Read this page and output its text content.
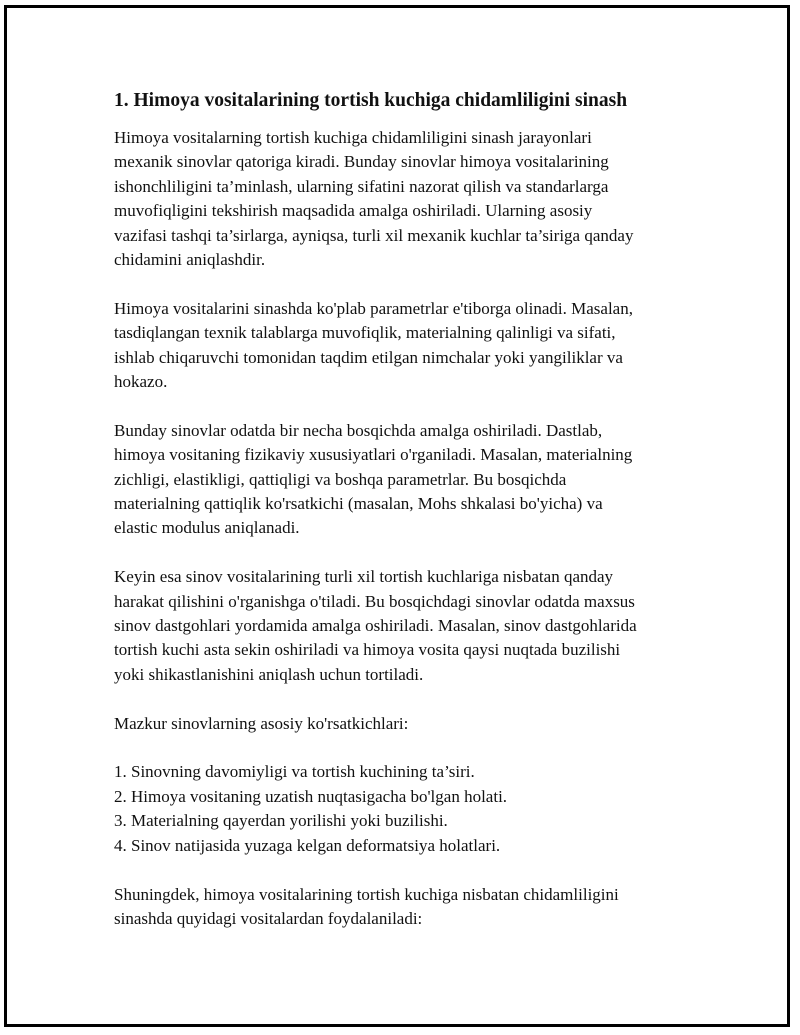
1. Himoya vositalarining tortish kuchiga chidamliligini sinash

Himoya vositalarning tortish kuchiga chidamliligini sinash jarayonlari
mexanik sinovlar qatoriga kiradi. Bunday sinovlar himoya vositalarining
ishonchliligini ta’minlash, ularning sifatini nazorat qilish va standarlarga
muvofiqligini tekshirish maqsadida amalga oshiriladi. Ularning asosiy
vazifasi tashqi ta’sirlarga, ayniqsa, turli xil mexanik kuchlar ta’siriga qanday
chidamini aniqlashdir.

Himoya vositalarini sinashda ko'plab parametrlar e'tiborga olinadi. Masalan,
tasdiqlangan texnik talablarga muvofiqlik, materialning qalinligi va sifati,
ishlab chiqaruvchi tomonidan taqdim etilgan nimchalar yoki yangiliklar va
hokazo.

Bunday sinovlar odatda bir necha bosqichda amalga oshiriladi. Dastlab,
himoya vositaning fizikaviy xususiyatlari o'rganiladi. Masalan, materialning
zichligi, elastikligi, qattiqligi va boshqa parametrlar. Bu bosqichda
materialning qattiqlik ko'rsatkichi (masalan, Mohs shkalasi bo'yicha) va
elastic modulus aniqlanadi.

Keyin esa sinov vositalarining turli xil tortish kuchlariga nisbatan qanday
harakat qilishini o'rganishga o'tiladi. Bu bosqichdagi sinovlar odatda maxsus
sinov dastgohlari yordamida amalga oshiriladi. Masalan, sinov dastgohlarida
tortish kuchi asta sekin oshiriladi va himoya vosita qaysi nuqtada buzilishi
yoki shikastlanishini aniqlash uchun tortiladi.

Mazkur sinovlarning asosiy ko'rsatkichlari:

1. Sinovning davomiyligi va tortish kuchining ta’siri.
2. Himoya vositaning uzatish nuqtasigacha bo'lgan holati.
3. Materialning qayerdan yorilishi yoki buzilishi.
4. Sinov natijasida yuzaga kelgan deformatsiya holatlari.

Shuningdek, himoya vositalarining tortish kuchiga nisbatan chidamliligini
sinashda quyidagi vositalardan foydalaniladi:
